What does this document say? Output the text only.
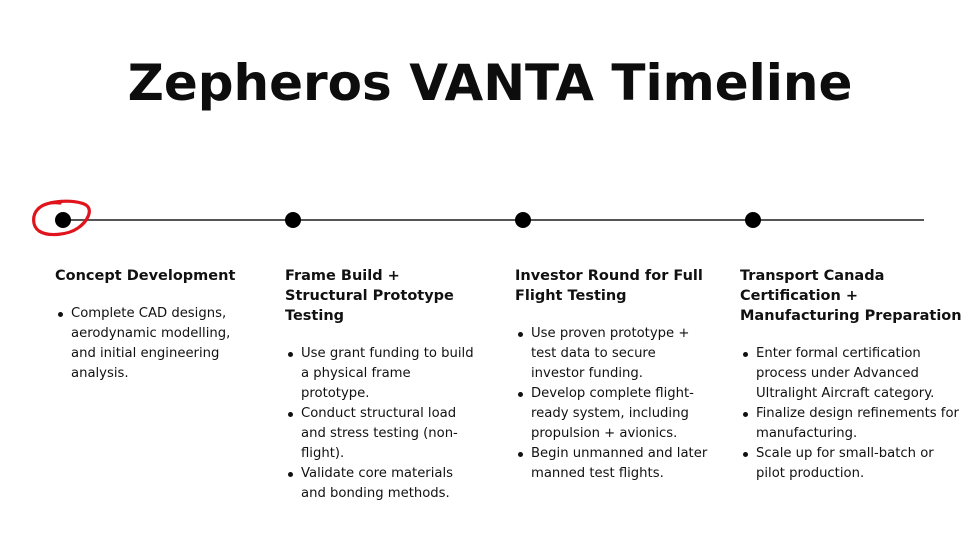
Zepheros VANTA Timeline
Concept Development
Complete CAD designs, aerodynamic modelling, and initial engineering analysis.
Frame Build + Structural Prototype Testing
Use grant funding to build a physical frame prototype.
Conduct structural load and stress testing (non-flight).
Validate core materials and bonding methods.
Investor Round for Full Flight Testing
Use proven prototype + test data to secure investor funding.
Develop complete flight-ready system, including propulsion + avionics.
Begin unmanned and later manned test flights.
Transport Canada Certification + Manufacturing Preparation
Enter formal certification process under Advanced Ultralight Aircraft category.
Finalize design refinements for manufacturing.
Scale up for small-batch or pilot production.
